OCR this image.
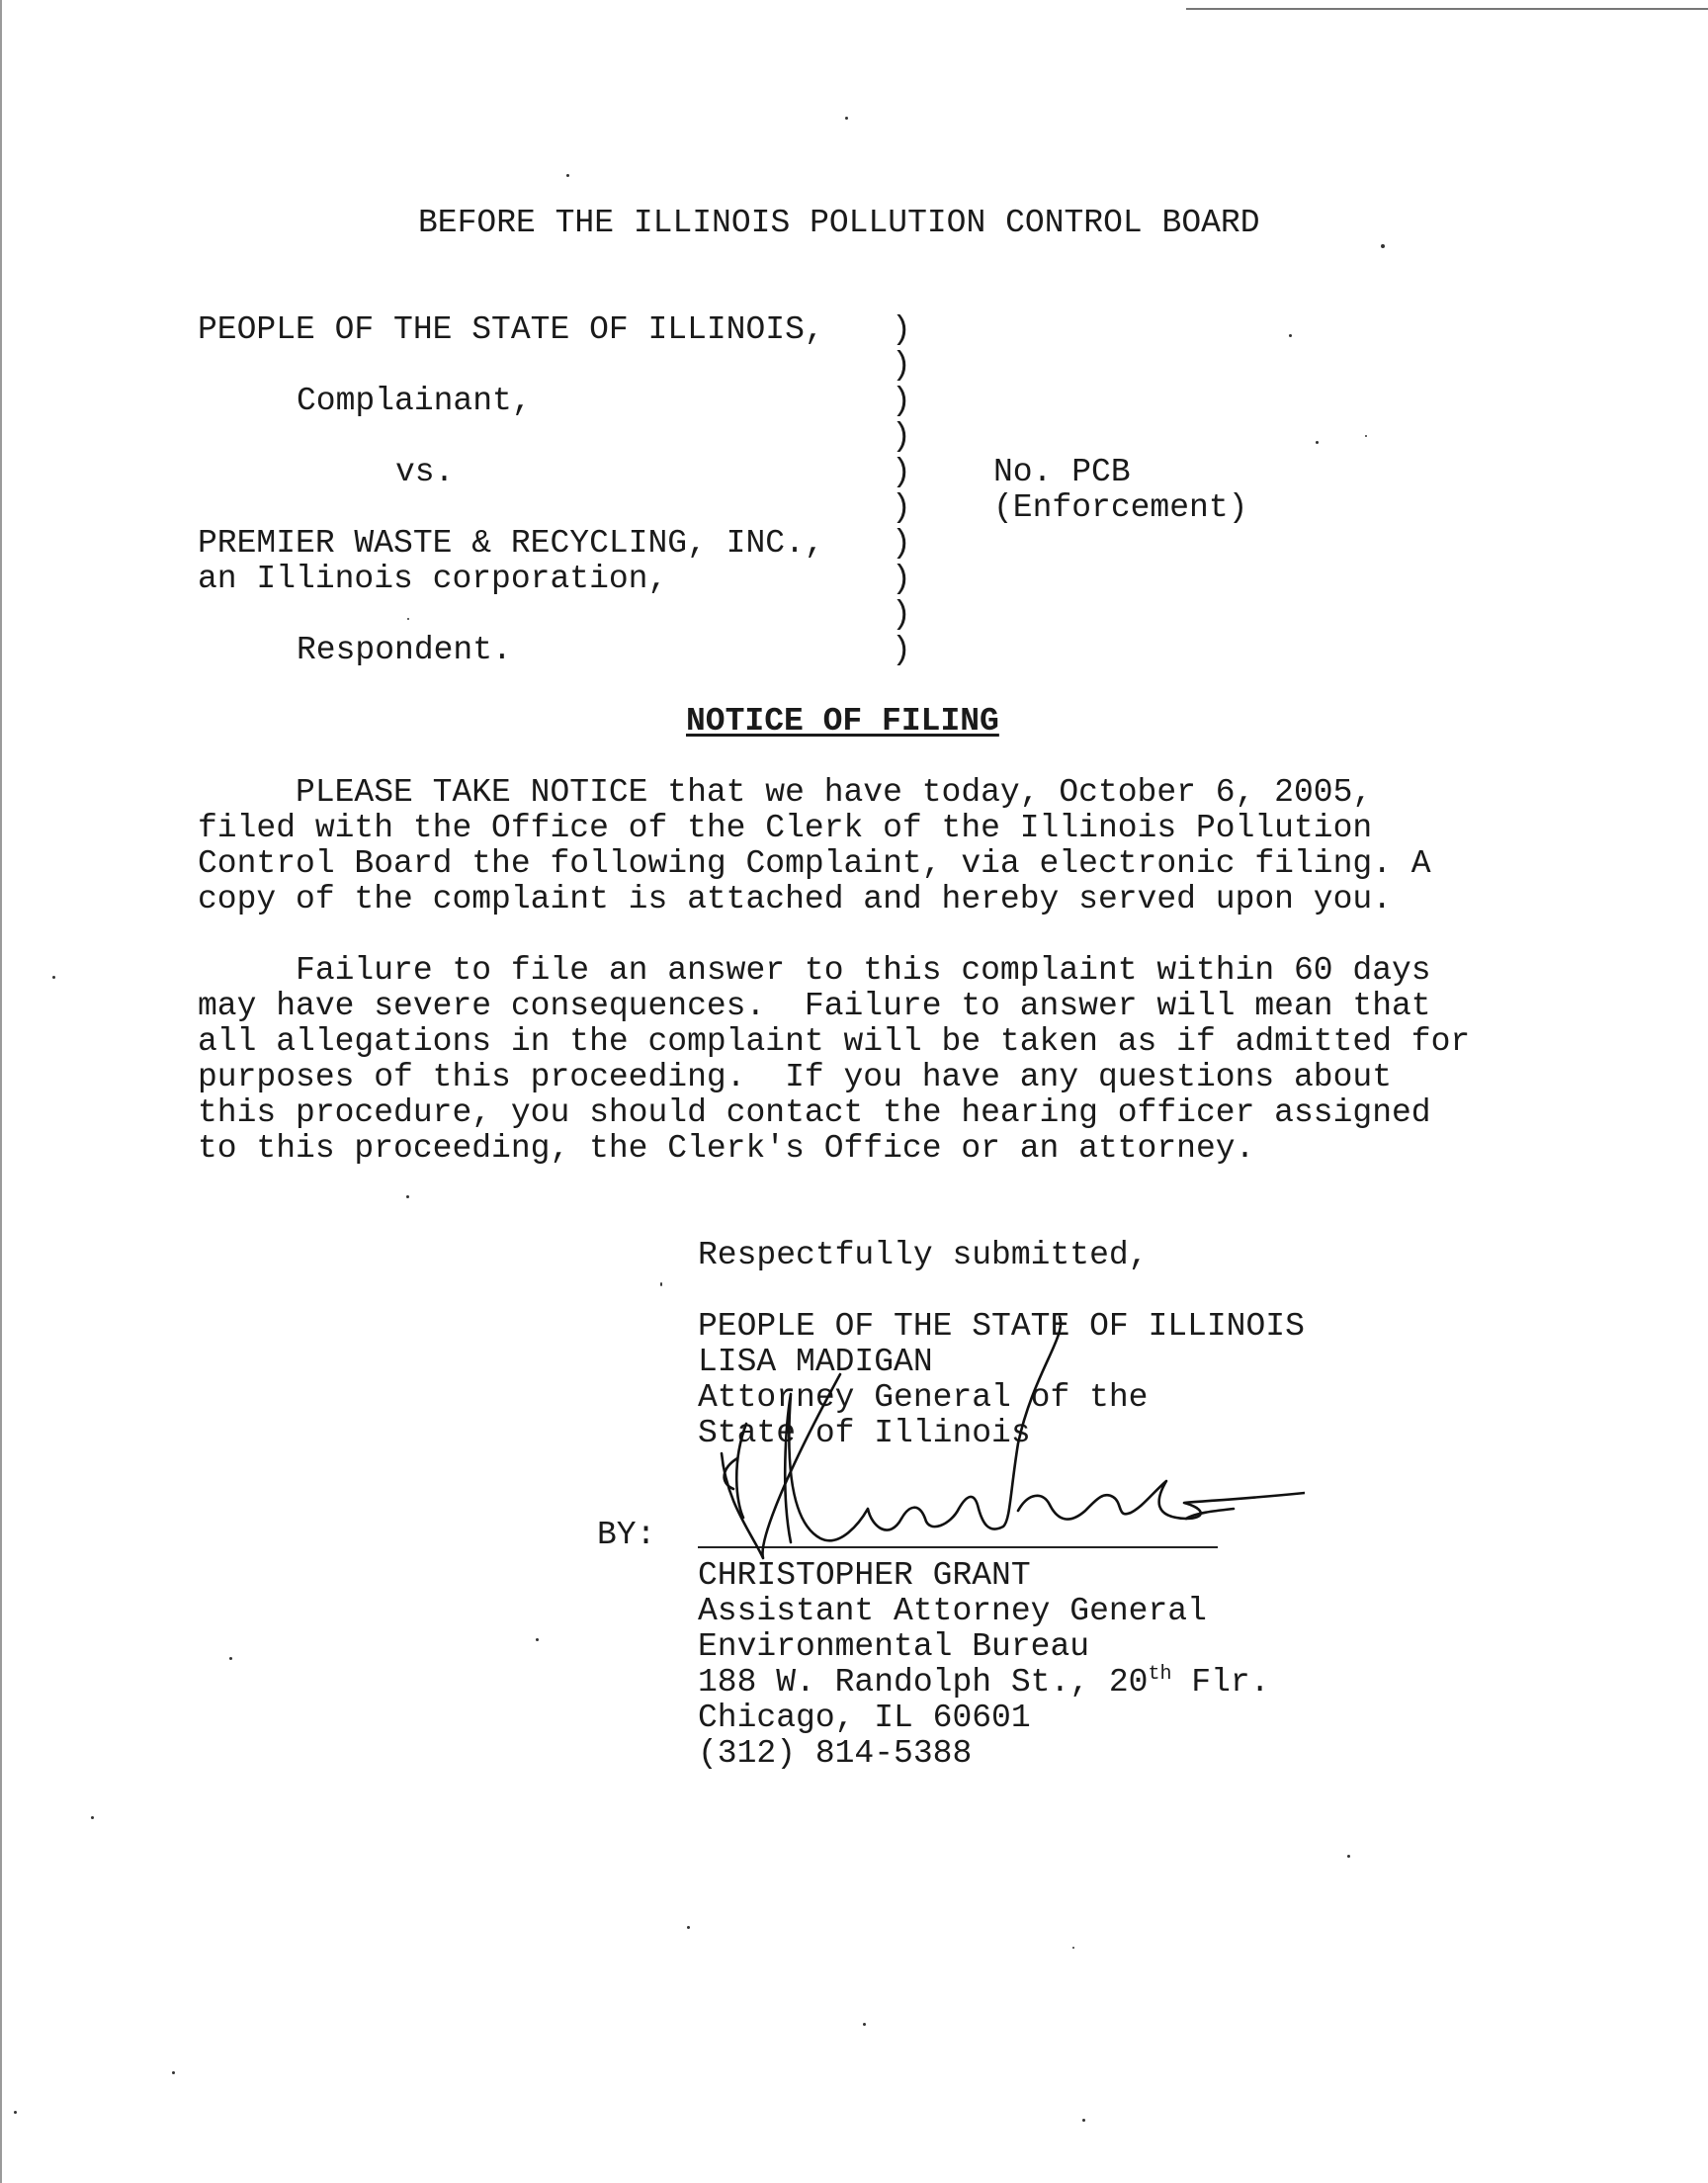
BEFORE THE ILLINOIS POLLUTION CONTROL BOARD
PEOPLE OF THE STATE OF ILLINOIS,
Complainant,
vs.
PREMIER WASTE & RECYCLING, INC.,
an Illinois corporation,
Respondent.
)
)
)
)
)
)
)
)
)
)
No. PCB
(Enforcement)
NOTICE OF FILING
PLEASE TAKE NOTICE that we have today, October 6, 2005,
filed with the Office of the Clerk of the Illinois Pollution
Control Board the following Complaint, via electronic filing. A
copy of the complaint is attached and hereby served upon you.
Failure to file an answer to this complaint within 60 days
may have severe consequences.  Failure to answer will mean that
all allegations in the complaint will be taken as if admitted for
purposes of this proceeding.  If you have any questions about
this procedure, you should contact the hearing officer assigned
to this proceeding, the Clerk's Office or an attorney.
Respectfully submitted,
PEOPLE OF THE STATE OF ILLINOIS
LISA MADIGAN
Attorney General of the
State of Illinois
BY:
CHRISTOPHER GRANT
Assistant Attorney General
Environmental Bureau
188 W. Randolph St., 20th Flr.
Chicago, IL 60601
(312) 814-5388
